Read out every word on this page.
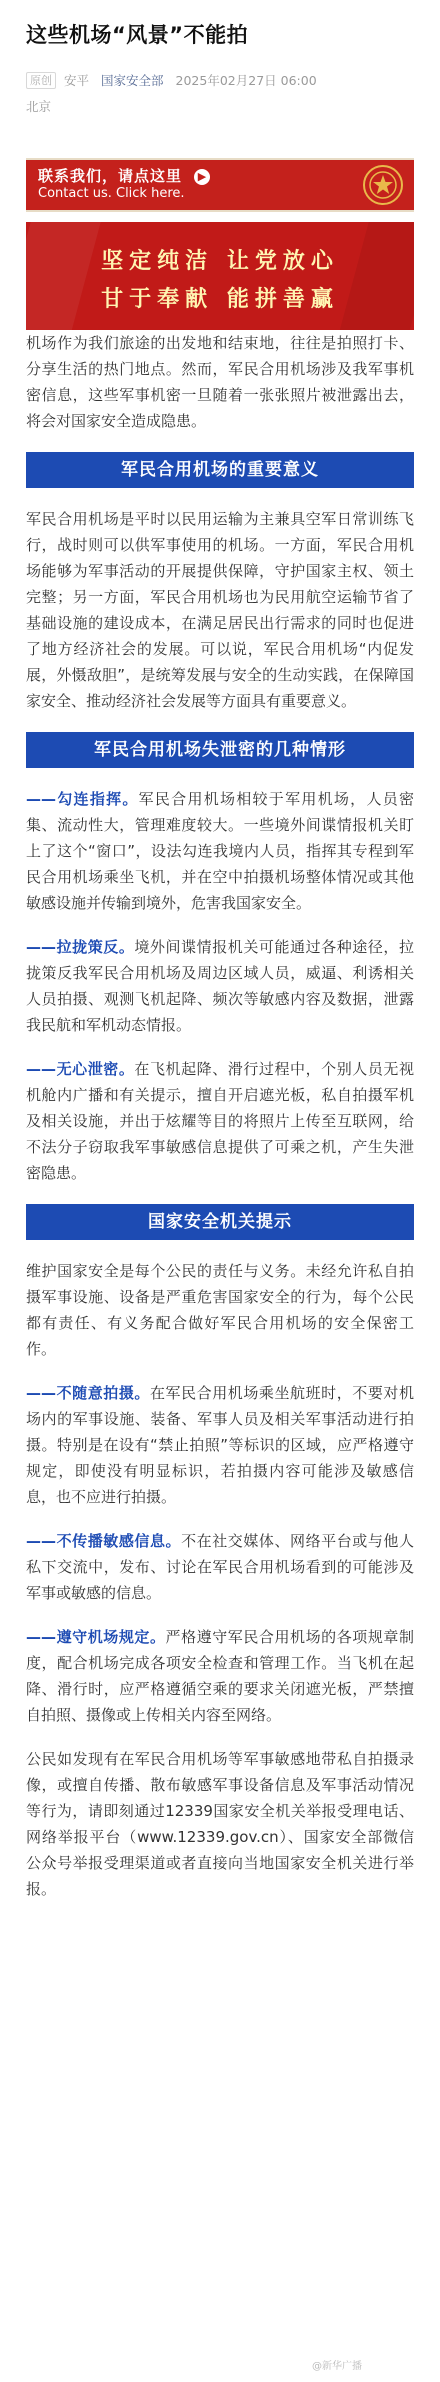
这些机场“风景”不能拍
原创 安平 国家安全部 2025年02月27日 06:00
北京
联系我们，请点这里	▶
Contact us. Click here.
坚定纯洁 让党放心
甘于奉献 能拼善赢

机场作为我们旅途的出发地和结束地，往往是拍照打卡、分享生活的热门地点。然而，军民合用机场涉及我军事机密信息，这些军事机密一旦随着一张张照片被泄露出去，将会对国家安全造成隐患。

军民合用机场的重要意义

军民合用机场是平时以民用运输为主兼具空军日常训练飞行，战时则可以供军事使用的机场。一方面，军民合用机场能够为军事活动的开展提供保障，守护国家主权、领土完整；另一方面，军民合用机场也为民用航空运输节省了基础设施的建设成本，在满足居民出行需求的同时也促进了地方经济社会的发展。可以说，军民合用机场“内促发展，外慑敌胆”，是统筹发展与安全的生动实践，在保障国家安全、推动经济社会发展等方面具有重要意义。

军民合用机场失泄密的几种情形

——勾连指挥。军民合用机场相较于军用机场，人员密集、流动性大，管理难度较大。一些境外间谍情报机关盯上了这个“窗口”，设法勾连我境内人员，指挥其专程到军民合用机场乘坐飞机，并在空中拍摄机场整体情况或其他敏感设施并传输到境外，危害我国家安全。

——拉拢策反。境外间谍情报机关可能通过各种途径，拉拢策反我军民合用机场及周边区域人员，威逼、利诱相关人员拍摄、观测飞机起降、频次等敏感内容及数据，泄露我民航和军机动态情报。

——无心泄密。在飞机起降、滑行过程中，个别人员无视机舱内广播和有关提示，擅自开启遮光板，私自拍摄军机及相关设施，并出于炫耀等目的将照片上传至互联网，给不法分子窃取我军事敏感信息提供了可乘之机，产生失泄密隐患。

国家安全机关提示

维护国家安全是每个公民的责任与义务。未经允许私自拍摄军事设施、设备是严重危害国家安全的行为，每个公民都有责任、有义务配合做好军民合用机场的安全保密工作。

——不随意拍摄。在军民合用机场乘坐航班时，不要对机场内的军事设施、装备、军事人员及相关军事活动进行拍摄。特别是在设有“禁止拍照”等标识的区域，应严格遵守规定，即使没有明显标识，若拍摄内容可能涉及敏感信息，也不应进行拍摄。

——不传播敏感信息。不在社交媒体、网络平台或与他人私下交流中，发布、讨论在军民合用机场看到的可能涉及军事或敏感的信息。

——遵守机场规定。严格遵守军民合用机场的各项规章制度，配合机场完成各项安全检查和管理工作。当飞机在起降、滑行时，应严格遵循空乘的要求关闭遮光板，严禁擅自拍照、摄像或上传相关内容至网络。

公民如发现有在军民合用机场等军事敏感地带私自拍摄录像，或擅自传播、散布敏感军事设备信息及军事活动情况等行为，请即刻通过12339国家安全机关举报受理电话、网络举报平台（www.12339.gov.cn）、国家安全部微信公众号举报受理渠道或者直接向当地国家安全机关进行举报。

@新华广播
